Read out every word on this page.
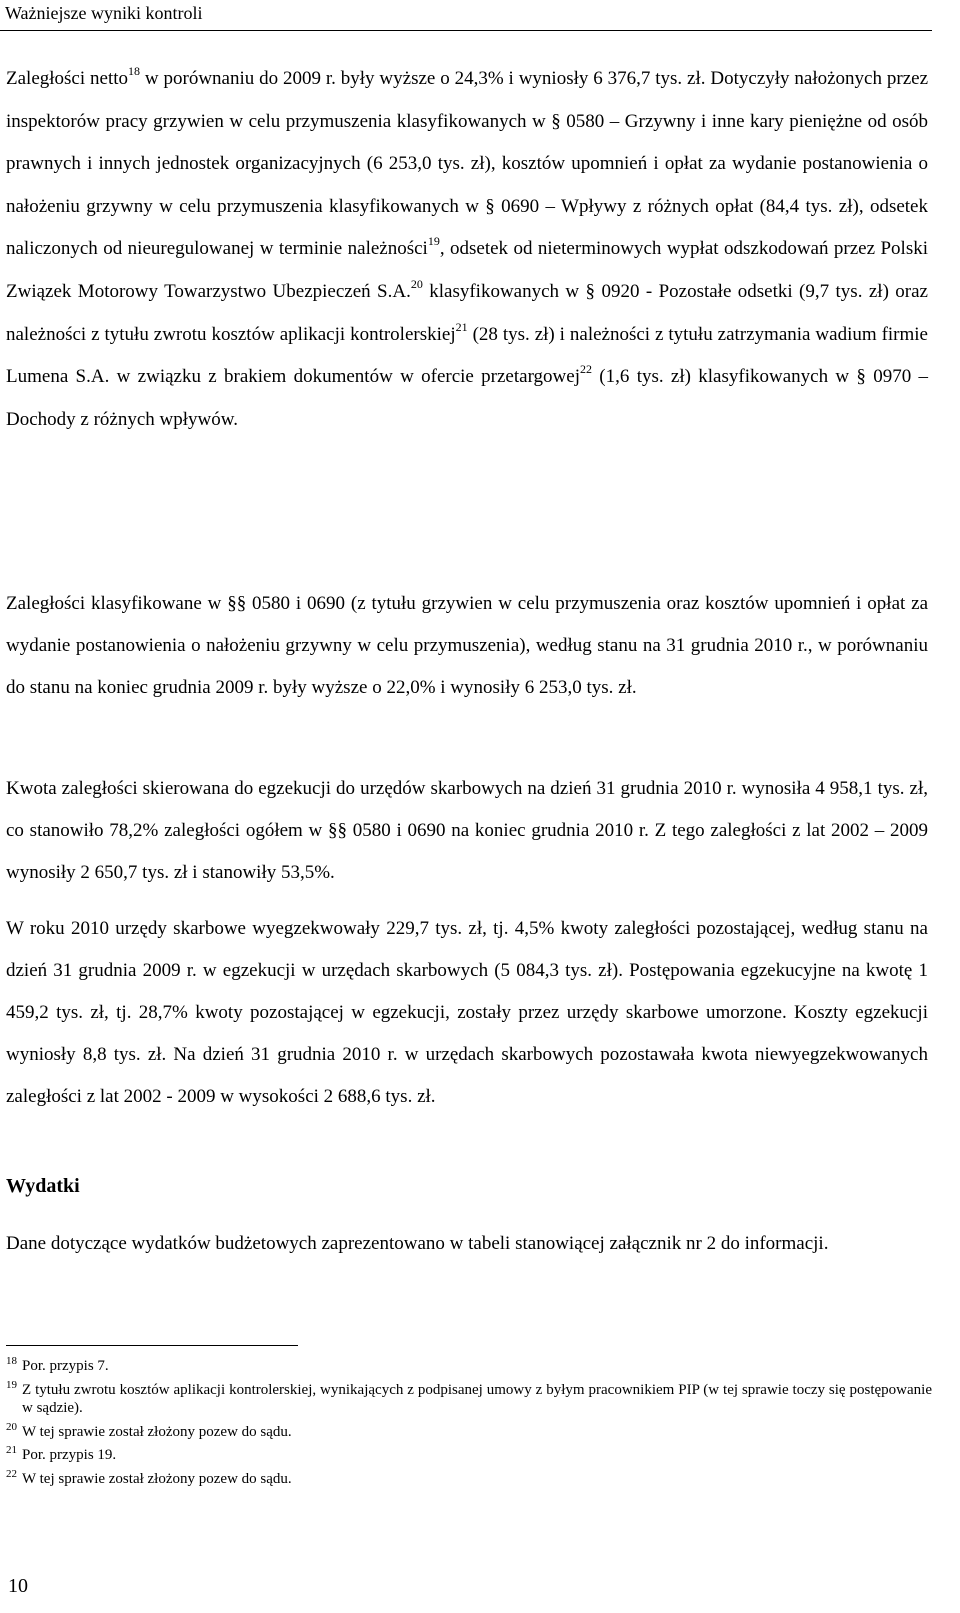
Ważniejsze wyniki kontroli

Zaległości netto$^{18}$ w porównaniu do 2009 r. były wyższe o 24,3% i wyniosły 6 376,7 tys. zł. Dotyczyły nałożonych przez inspektorów pracy grzywien w celu przymuszenia klasyfikowanych w § 0580 – Grzywny i inne kary pieniężne od osób prawnych i innych jednostek organizacyjnych (6 253,0 tys. zł), kosztów upomnień i opłat za wydanie postanowienia o nałożeniu grzywny w celu przymuszenia klasyfikowanych w § 0690 – Wpływy z różnych opłat (84,4 tys. zł), odsetek naliczonych od nieuregulowanej w terminie należności$^{19}$, odsetek od nieterminowych wypłat odszkodowań przez Polski Związek Motorowy Towarzystwo Ubezpieczeń S.A.$^{20}$ klasyfikowanych w § 0920 - Pozostałe odsetki (9,7 tys. zł) oraz należności z tytułu zwrotu kosztów aplikacji kontrolerskiej$^{21}$ (28 tys. zł) i należności z tytułu zatrzymania wadium firmie Lumena S.A. w związku z brakiem dokumentów w ofercie przetargowej$^{22}$ (1,6 tys. zł) klasyfikowanych w § 0970 – Dochody z różnych wpływów.

Zaległości klasyfikowane w §§ 0580 i 0690 (z tytułu grzywien w celu przymuszenia oraz kosztów upomnień i opłat za wydanie postanowienia o nałożeniu grzywny w celu przymuszenia), według stanu na 31 grudnia 2010 r., w porównaniu do stanu na koniec grudnia 2009 r. były wyższe o 22,0% i wynosiły 6 253,0 tys. zł.

Kwota zaległości skierowana do egzekucji do urzędów skarbowych na dzień 31 grudnia 2010 r. wynosiła 4 958,1 tys. zł, co stanowiło 78,2% zaległości ogółem w §§ 0580 i 0690 na koniec grudnia 2010 r. Z tego zaległości z lat 2002 – 2009 wynosiły 2 650,7 tys. zł i stanowiły 53,5%.

W roku 2010 urzędy skarbowe wyegzekwowały 229,7 tys. zł, tj. 4,5% kwoty zaległości pozostającej, według stanu na dzień 31 grudnia 2009 r. w egzekucji w urzędach skarbowych (5 084,3 tys. zł). Postępowania egzekucyjne na kwotę 1 459,2 tys. zł, tj. 28,7% kwoty pozostającej w egzekucji, zostały przez urzędy skarbowe umorzone. Koszty egzekucji wyniosły 8,8 tys. zł. Na dzień 31 grudnia 2010 r. w urzędach skarbowych pozostawała kwota niewyegzekwowanych zaległości z lat 2002 - 2009 w wysokości 2 688,6 tys. zł.

Wydatki

Dane dotyczące wydatków budżetowych zaprezentowano w tabeli stanowiącej załącznik nr 2 do informacji.

18 Por. przypis 7.

19 Z tytułu zwrotu kosztów aplikacji kontrolerskiej, wynikających z podpisanej umowy z byłym pracownikiem PIP (w tej sprawie toczy się postępowanie w sądzie).

20 W tej sprawie został złożony pozew do sądu.

21 Por. przypis 19.

22 W tej sprawie został złożony pozew do sądu.

10
